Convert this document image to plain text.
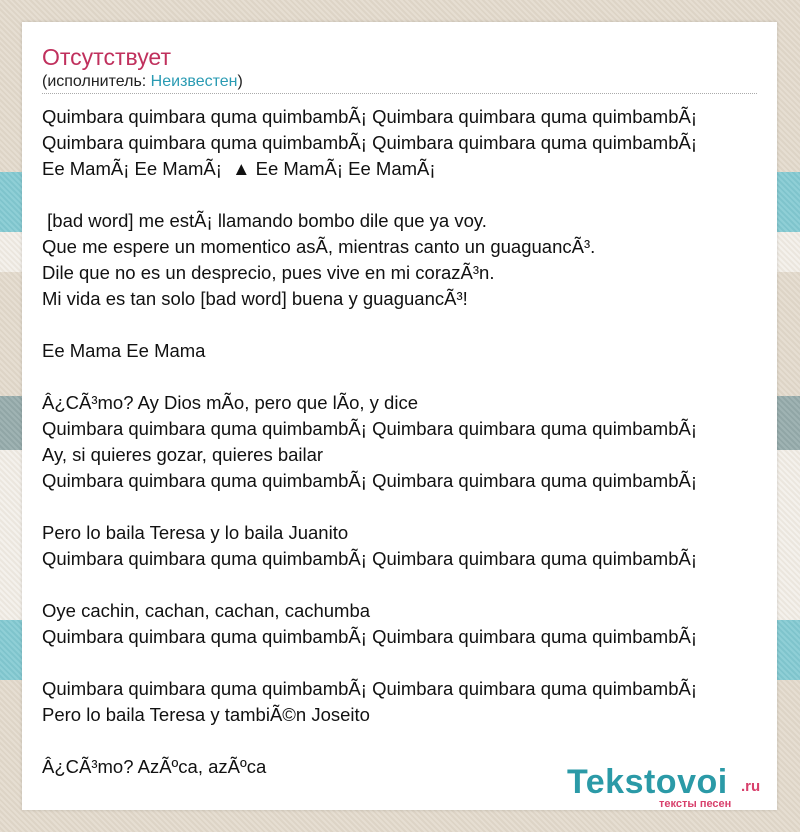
Отсутствует
(исполнитель: Неизвестен)
Quimbara quimbara quma quimbambÃ¡ Quimbara quimbara quma quimbambÃ¡
Quimbara quimbara quma quimbambÃ¡ Quimbara quimbara quma quimbambÃ¡
Ee MamÃ¡ Ee MamÃ¡  ▲ Ee MamÃ¡ Ee MamÃ¡
[bad word] me estÃ¡ llamando bombo dile que ya voy.
Que me espere un momentico asÃ, mientras canto un guaguancÃ³.
Dile que no es un desprecio, pues vive en mi corazÃ³n.
Mi vida es tan solo [bad word] buena y guaguancÃ³!
Ee Mama Ee Mama
Â¿CÃ³mo? Ay Dios mÃo, pero que lÃo, y dice
Quimbara quimbara quma quimbambÃ¡ Quimbara quimbara quma quimbambÃ¡
Ay, si quieres gozar, quieres bailar
Quimbara quimbara quma quimbambÃ¡ Quimbara quimbara quma quimbambÃ¡
Pero lo baila Teresa y lo baila Juanito
Quimbara quimbara quma quimbambÃ¡ Quimbara quimbara quma quimbambÃ¡
Oye cachin, cachan, cachan, cachumba
Quimbara quimbara quma quimbambÃ¡ Quimbara quimbara quma quimbambÃ¡
Quimbara quimbara quma quimbambÃ¡ Quimbara quimbara quma quimbambÃ¡
Pero lo baila Teresa y tambiÃ©n Joseito
Â¿CÃ³mo? AzÃºca, azÃºca	Tekstovoi .ru
тексты песен
